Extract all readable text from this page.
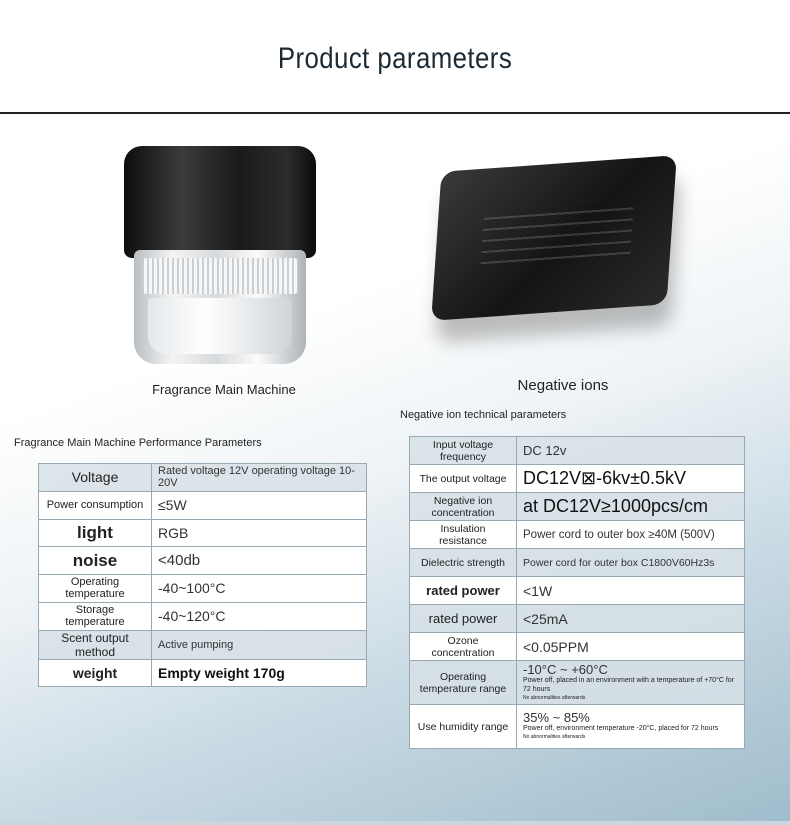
Product parameters
Fragrance Main Machine	Negative ions
Fragrance Main Machine Performance Parameters
Negative ion technical parameters
Voltage	Rated voltage 12V operating voltage 10-20V
Power consumption	≤5W
light	RGB
noise	<40db
Operating temperature	-40~100°C
Storage temperature	-40~120°C
Scent output method	Active pumping
weight	Empty weight 170g
Input voltage frequency	DC 12v
The output voltage	DC12V⊠-6kv±0.5kV
Negative ion concentration	at DC12V≥1000pcs/cm
Insulation resistance	Power cord to outer box ≥40M (500V)
Dielectric strength	Power cord for outer box C1800V60Hz3s
rated power	<1W
rated power	<25mA
Ozone concentration	<0.05PPM
Operating temperature range	-10°C ~ +60°C
Power off, placed in an environment with a temperature of +70°C for 72 hours
No abnormalities afterwards

Use humidity range	35% ~ 85%
Power off, environment temperature -20°C, placed for 72 hours
No abnormalities afterwards
